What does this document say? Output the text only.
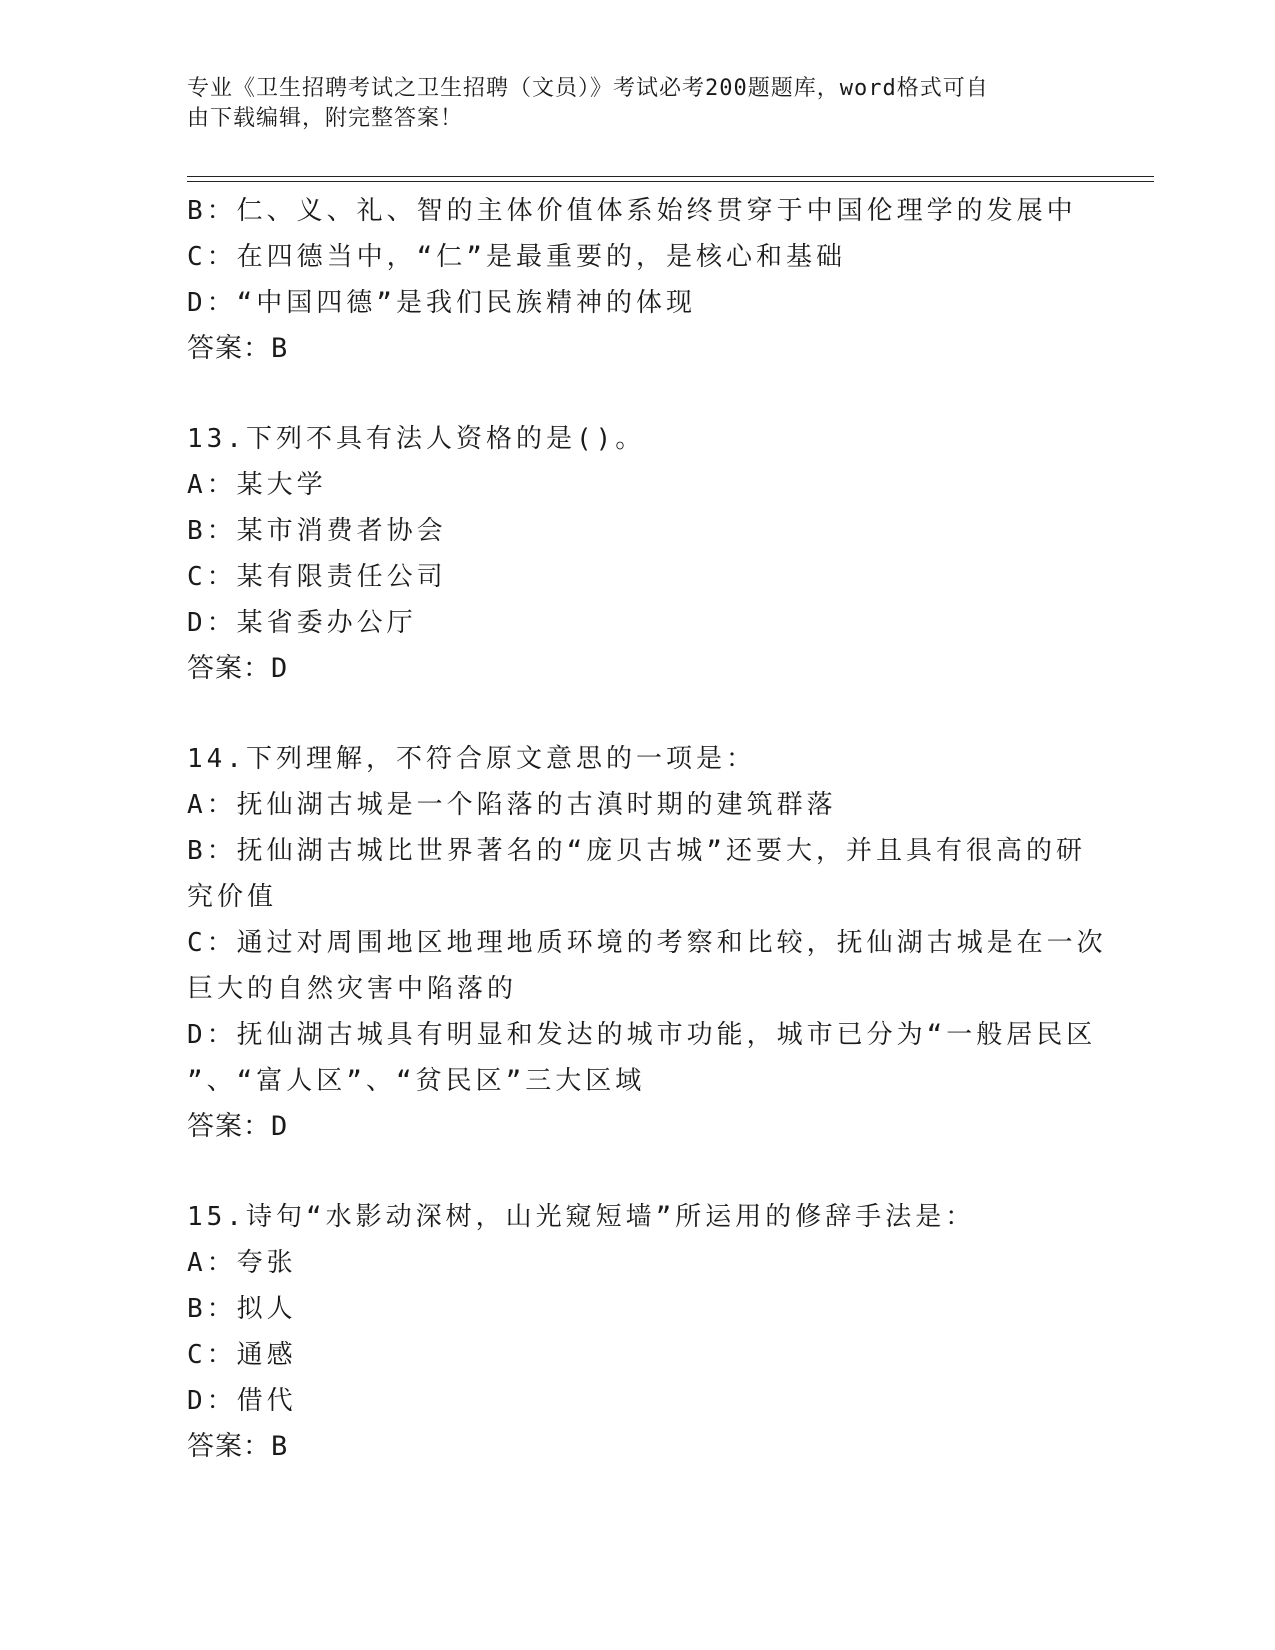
专业《卫生招聘考试之卫生招聘（文员）》考试必考200题题库，word格式可自
由下载编辑，附完整答案！
B：仁、义、礼、智的主体价值体系始终贯穿于中国伦理学的发展中
C：在四德当中，“仁”是最重要的，是核心和基础
D：“中国四德”是我们民族精神的体现
答案：B
13.下列不具有法人资格的是()。
A：某大学
B：某市消费者协会
C：某有限责任公司
D：某省委办公厅
答案：D
14.下列理解，不符合原文意思的一项是：
A：抚仙湖古城是一个陷落的古滇时期的建筑群落
B：抚仙湖古城比世界著名的“庞贝古城”还要大，并且具有很高的研
究价值
C：通过对周围地区地理地质环境的考察和比较，抚仙湖古城是在一次
巨大的自然灾害中陷落的
D：抚仙湖古城具有明显和发达的城市功能，城市已分为“一般居民区
”、“富人区”、“贫民区”三大区域
答案：D
15.诗句“水影动深树，山光窥短墙”所运用的修辞手法是：
A：夸张
B：拟人
C：通感
D：借代
答案：B
